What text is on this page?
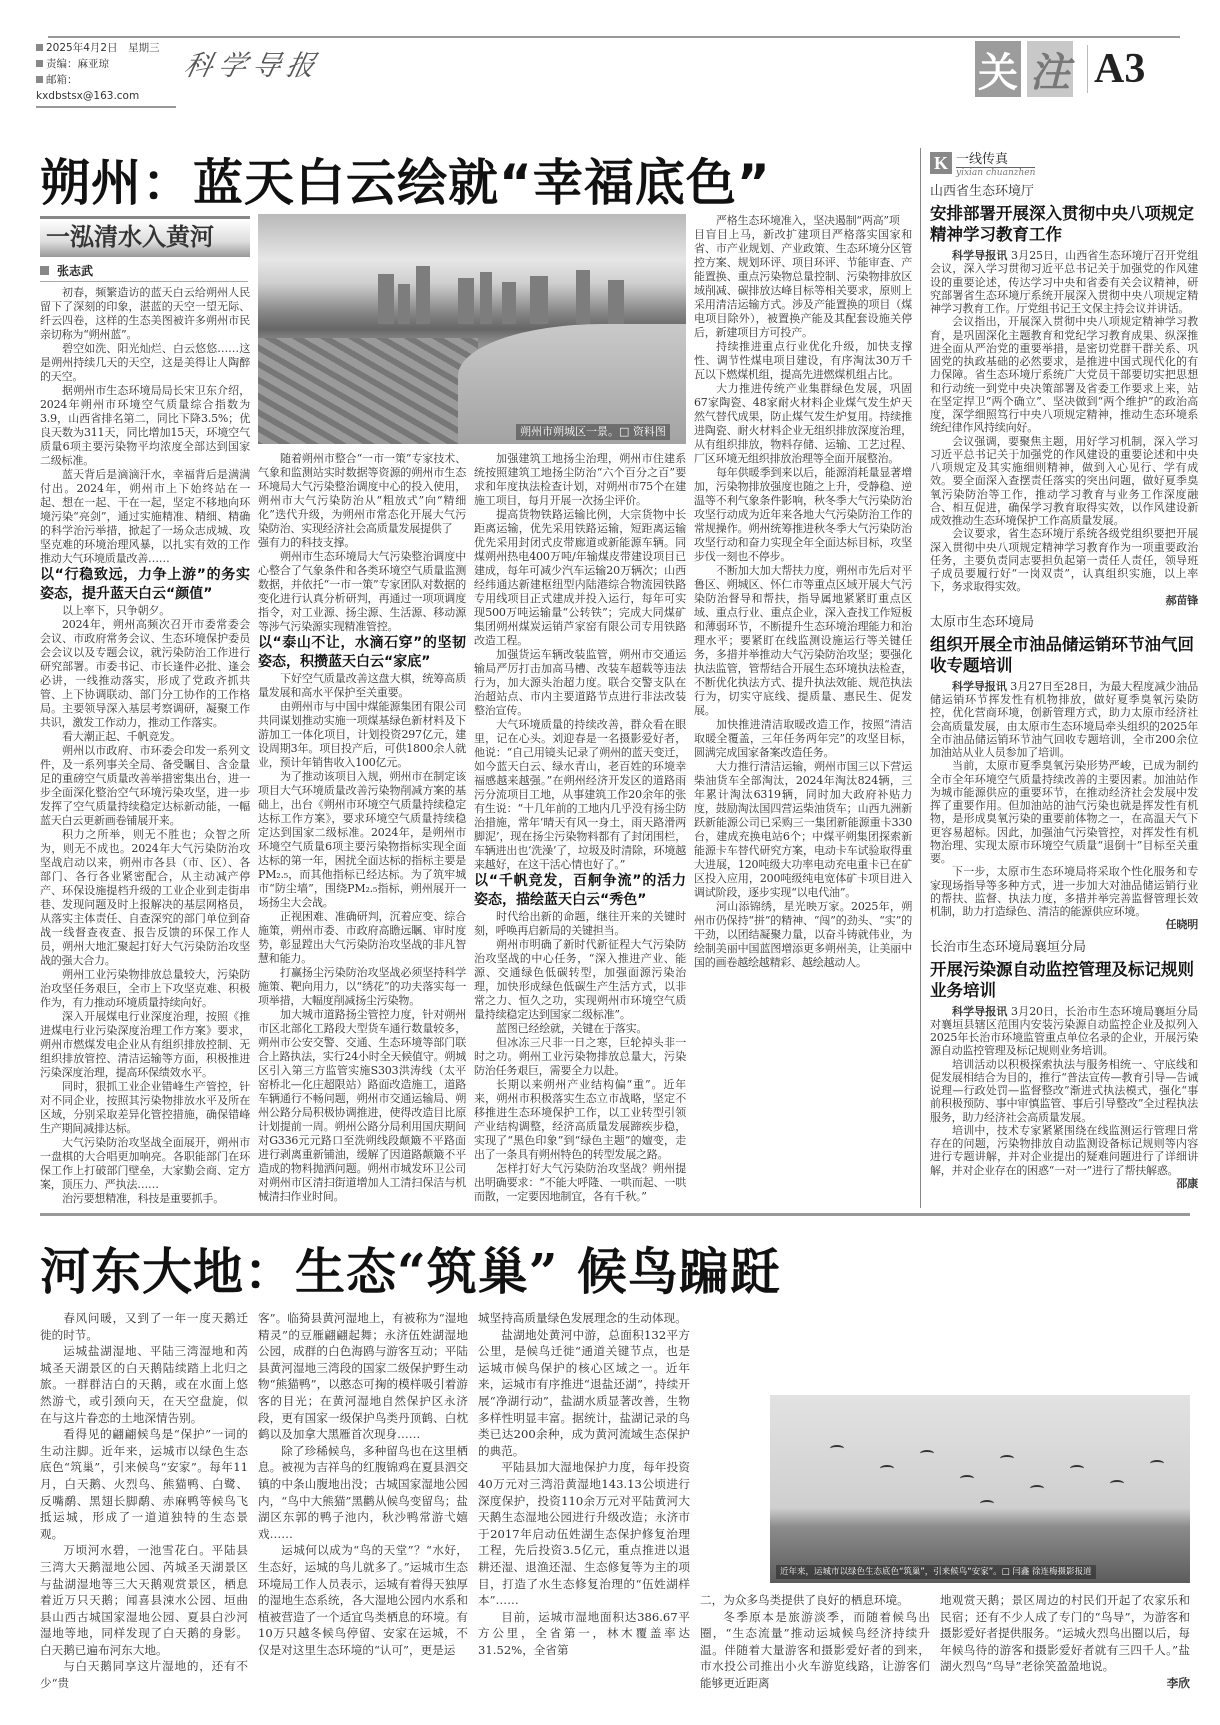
2025年4月2日　星期三
责编：麻亚琼
邮箱：kxdbstsx@163.com
科学导报	关 注 A3
朔州：蓝天白云绘就“幸福底色”
一泓清水入黄河
张志武
朔州市朔城区一景。□ 资料图

初春，频繁造访的蓝天白云给朔州人民留下了深刻的印象，湛蓝的天空一望无际、纤云四卷，这样的生态美图被许多朔州市民亲切称为“朔州蓝”。

碧空如洗、阳光灿烂、白云悠悠……这是朔州持续几天的天空，这是美得让人陶醉的天空。

据朔州市生态环境局局长宋卫东介绍，2024年朔州市环境空气质量综合指数为3.9，山西省排名第二，同比下降3.5%；优良天数为311天，同比增加15天，环境空气质量6项主要污染物平均浓度全部达到国家二级标准。

蓝天背后是滴滴汗水，幸福背后是满满付出。2024年，朔州市上下始终站在一起、想在一起、干在一起，坚定不移地向环境污染“亮剑”，通过实施精准、精细、精确的科学治污举措，掀起了一场众志成城、攻坚克难的环境治理风暴，以扎实有效的工作推动大气环境质量改善……

以“行稳致远，力争上游”的务实姿态，提升蓝天白云“颜值”

以上率下，只争朝夕。

2024年，朔州高频次召开市委常委会会议、市政府常务会议、生态环境保护委员会会议以及专题会议，就污染防治工作进行研究部署。市委书记、市长逢件必批、逢会必讲，一线推动落实，形成了党政齐抓共管、上下协调联动、部门分工协作的工作格局。主要领导深入基层考察调研，凝聚工作共识，激发工作动力，推动工作落实。

看大潮正起、千帆竞发。

朔州以市政府、市环委会印发一系列文件，及一系列事关全局、备受瞩目、含金量足的重磅空气质量改善举措密集出台，进一步全面深化整治空气环境污染攻坚，进一步发挥了空气质量持续稳定达标新动能，一幅蓝天白云更新画卷铺展开来。

积力之所举，则无不胜也；众智之所为，则无不成也。2024年大气污染防治攻坚战启动以来，朔州市各县（市、区）、各部门、各行各业紧密配合，从主动减产停产、环保设施提档升级的工业企业到走街串巷、发现问题及时上报解决的基层网格员，从落实主体责任、自查深究的部门单位到奋战一线督查夜查、报告反馈的环保工作人员，朔州大地汇聚起打好大气污染防治攻坚战的强大合力。

朔州工业污染物排放总量较大，污染防治攻坚任务艰巨，全市上下攻坚克难、积极作为，有力推动环境质量持续向好。

深入开展煤电行业深度治理，按照《推进煤电行业污染深度治理工作方案》要求，朔州市燃煤发电企业从有组织排放控制、无组织排放管控、清洁运输等方面，积极推进污染深度治理，提高环保绩效水平。

同时，狠抓工业企业错峰生产管控，针对不同企业，按照其污染物排放水平及所在区域，分别采取差异化管控措施，确保错峰生产期间减排达标。

大气污染防治攻坚战全面展开，朔州市一盘棋的大合唱更加响亮。各职能部门在环保工作上打破部门壁垒，大家勤会商、定方案，顶压力、严执法……

治污要想精准，科技是重要抓手。

随着朔州市整合“一市一策”专家技术、气象和监测站实时数据等资源的朔州市生态环境局大气污染整治调度中心的投入使用，朔州市大气污染防治从“粗放式”向“精细化”迭代升级，为朔州市常态化开展大气污染防治、实现经济社会高质量发展提供了

强有力的科技支撑。

朔州市生态环境局大气污染整治调度中心整合了气象条件和各类环境空气质量监测数据，并依托“一市一策”专家团队对数据的变化进行认真分析研判，再通过一项项调度指令，对工业源、扬尘源、生活源、移动源等涉气污染源实现精准管控。

以“泰山不让，水滴石穿”的坚韧姿态，积攒蓝天白云“家底”

下好空气质量改善这盘大棋，统筹高质量发展和高水平保护至关重要。

由朔州市与中国中煤能源集团有限公司共同谋划推动实施一项煤基绿色新材料及下游加工一体化项目，计划投资297亿元，建设周期3年。项目投产后，可供1800余人就业，预计年销售收入100亿元。

为了推动该项目入规，朔州市在制定该项目大气环境质量改善污染物削减方案的基础上，出台《朔州市环境空气质量持续稳定达标工作方案》，要求环境空气质量持续稳定达到国家二级标准。2024年，是朔州市环境空气质量6项主要污染物指标实现全面达标的第一年，困扰全面达标的指标主要是PM₂.₅，而其他指标已经达标。为了筑牢城市“防尘墙”，围绕PM₂.₅指标，朔州展开一场扬尘大会战。

正视困难、准确研判，沉着应变、综合施策，朔州市委、市政府高瞻远瞩、审时度势，彰显蹚出大气污染防治攻坚战的非凡智慧和能力。

打赢扬尘污染防治攻坚战必须坚持科学施策、靶向用力，以“绣花”的功夫落实每一项举措，大幅度削减扬尘污染物。

加大城市道路扬尘管控力度，针对朔州市区北部化工路段大型货车通行数量较多，朔州市公安交警、交通、生态环境等部门联合上路执法，实行24小时全天候值守。朔城区引入第三方监管实施S303洪涛线（太平窑桥北—化庄超限站）路面改造施工，道路车辆通行不畅问题，朔州市交通运输局、朔州公路分局积极协调推进，使得改造目比原计划提前一周。朔州公路分局利用国庆期间对G336元元路口至洗朔线段颠簸不平路面进行剥离重新铺油，缓解了因道路颠簸不平造成的物料抛洒问题。朔州市城发环卫公司对朔州市区清扫街道增加人工清扫保洁与机械清扫作业时间。

加强建筑工地扬尘治理，朔州市住建系统按照建筑工地扬尘防治“六个百分之百”要求和年度执法检查计划，对朔州市75个在建施工项目，每月开展一次扬尘评价。

提高货物铁路运输比例，大宗货物中长距离运输，优先采用铁路运输，短距离运输优先采用封闭式皮带廊道或新能源车辆。同煤朔州热电400万吨/年输煤皮带建设项目已建成，每年可减少汽车运输20万辆次；山西经纬通达新建枢纽型内陆港综合物流园铁路专用线项目正式建成并投入运行，每年可实现500万吨运输量“公转铁”；完成大同煤矿集团朔州煤炭运销芦家窑有限公司专用铁路改造工程。

加强货运车辆改装监管，朔州市交通运输局严厉打击加高马槽、改装车超载等违法行为，加大源头治超力度。联合交警支队在治超站点、市内主要道路节点进行非法改装整治宣传。

大气环境质量的持续改善，群众看在眼里，记在心头。刘迎春是一名摄影爱好者，他说：“自己用镜头记录了朔州的蓝天变迁，如今蓝天白云、绿水青山，老百姓的环境幸福感越来越强。”在朔州经济开发区的道路雨污分流项目工地，从事建筑工作20余年的张有生说：“十几年前的工地内几乎没有扬尘防治措施，常年‘晴天有风一身土，雨天路滑两脚泥’，现在扬尘污染物料都有了封闭围栏，车辆进出也‘洗澡’了，垃圾及时清除，环境越来越好，在这干活心情也好了。”

以“千帆竞发，百舸争流”的活力姿态，描绘蓝天白云“秀色”

时代给出新的命题，继往开来的关键时刻，呼唤再启新局的关键担当。

朔州市明确了新时代新征程大气污染防治攻坚战的中心任务，“深入推进产业、能源、交通绿色低碳转型，加强面源污染治理，加快形成绿色低碳生产生活方式，以非常之力、恒久之功，实现朔州市环境空气质量持续稳定达到国家二级标准”。

蓝图已经绘就，关键在于落实。

但冰冻三尺非一日之寒，巨轮掉头非一时之功。朔州工业污染物排放总量大，污染防治任务艰巨，需要全力以赴。

长期以来朔州产业结构偏“重”。近年来，朔州市积极落实生态立市战略，坚定不移推进生态环境保护工作，以工业转型引领产业结构调整，经济高质量发展蹄疾步稳，实现了“黑色印象”到“绿色主题”的嬗变，走出了一条具有朔州特色的转型发展之路。

怎样打好大气污染防治攻坚战？朔州提出明确要求：“不能大呼隆、一哄而起、一哄而散，一定要因地制宜，各有千秋。”

严格生态环境准入，坚决遏制“两高”项

目盲目上马，新改扩建项目严格落实国家和省、市产业规划、产业政策、生态环境分区管控方案、规划环评、项目环评、节能审查、产能置换、重点污染物总量控制、污染物排放区域削减、碳排放达峰目标等相关要求，原则上采用清洁运输方式。涉及产能置换的项目（煤电项目除外），被置换产能及其配套设施关停后，新建项目方可投产。

持续推进重点行业优化升级，加快支撑性、调节性煤电项目建设，有序淘汰30万千瓦以下燃煤机组，提高先进燃煤机组占比。

大力推进传统产业集群绿色发展，巩固67家陶瓷、48家耐火材料企业煤气发生炉天然气替代成果，防止煤气发生炉复用。持续推进陶瓷、耐火材料企业无组织排放深度治理，从有组织排放，物料存储、运输、工艺过程、厂区环境无组织排放治理等全面开展整治。

每年供暖季到来以后，能源消耗量显著增加，污染物排放强度也随之上升，受静稳、逆温等不利气象条件影响，秋冬季大气污染防治攻坚行动成为近年来各地大气污染防治工作的常规操作。朔州统筹推进秋冬季大气污染防治攻坚行动和奋力实现全年全面达标目标，攻坚步伐一刻也不停步。

不断加大加大帮扶力度，朔州市先后对平鲁区、朔城区、怀仁市等重点区域开展大气污染防治督导和帮扶，指导属地紧紧盯重点区域、重点行业、重点企业，深入查找工作短板和薄弱环节，不断提升生态环境治理能力和治理水平；要紧盯在线监测设施运行等关键任务，多措并举推动大气污染防治攻坚；要强化执法监管，管帮结合开展生态环境执法检查，不断优化执法方式、提升执法效能、规范执法行为，切实守底线、提质量、惠民生、促发展。

加快推进清洁取暖改造工作，按照“清洁取暖全覆盖，三年任务两年完”的攻坚目标，圆满完成国家备案改造任务。

大力推行清洁运输，朔州市国三以下营运柴油货车全部淘汰，2024年淘汰824辆，三年累计淘汰6319辆，同时加大政府补贴力度，鼓励淘汰国四营运柴油货车；山西九洲新跃新能源公司已采购三一集团新能源重卡330台，建成充换电站6个；中煤平朔集团探索新能源卡车替代研究方案，电动卡车试验取得重大进展，120吨级大功率电动充电重卡已在矿区投入应用，200吨级纯电宽体矿卡项目进入调试阶段，逐步实现“以电代油”。

河山添锦绣，星光映万家。2025年，朔州市仍保持“拼”的精神、“闯”的劲头、“实”的干劲，以团结凝聚力量，以奋斗铸就伟业，为绘制美丽中国蓝图增添更多朔州美，让美丽中国的画卷越绘越精彩、越绘越动人。

K 一线传真
yixian chuanzhen
山西省生态环境厅
安排部署开展深入贯彻中央八项规定精神学习教育工作

科学导报讯 3月25日，山西省生态环境厅召开党组会议，深入学习贯彻习近平总书记关于加强党的作风建设的重要论述，传达学习中央和省委有关会议精神，研究部署省生态环境厅系统开展深入贯彻中央八项规定精神学习教育工作。厅党组书记王文保主持会议并讲话。

会议指出，开展深入贯彻中央八项规定精神学习教育，是巩固深化主题教育和党纪学习教育成果、纵深推进全面从严治党的重要举措，是密切党群干群关系、巩固党的执政基础的必然要求，是推进中国式现代化的有力保障。省生态环境厅系统广大党员干部要切实把思想和行动统一到党中央决策部署及省委工作要求上来，站在坚定捍卫“两个确立”、坚决做到“两个维护”的政治高度，深学细照笃行中央八项规定精神，推动生态环境系统纪律作风持续向好。

会议强调，要聚焦主题，用好学习机制，深入学习习近平总书记关于加强党的作风建设的重要论述和中央八项规定及其实施细则精神，做到入心见行、学有成效。要全面深入查摆责任落实的突出问题，做好夏季臭氧污染防治等工作，推动学习教育与业务工作深度融合、相互促进，确保学习教育取得实效，以作风建设新成效推动生态环境保护工作高质量发展。

会议要求，省生态环境厅系统各级党组织要把开展深入贯彻中央八项规定精神学习教育作为一项重要政治任务，主要负责同志要担负起第一责任人责任，领导班子成员要履行好“一岗双责”，认真组织实施，以上率下，务求取得实效。

郝苗锋
太原市生态环境局
组织开展全市油品储运销环节油气回收专题培训

科学导报讯 3月27日至28日，为最大程度减少油品储运销环节挥发性有机物排放，做好夏季臭氧污染防控，优化营商环境，创新管理方式，助力太原市经济社会高质量发展，由太原市生态环境局牵头组织的2025年全市油品储运销环节油气回收专题培训，全市200余位加油站从业人员参加了培训。

当前，太原市夏季臭氧污染形势严峻，已成为制约全市全年环境空气质量持续改善的主要因素。加油站作为城市能源供应的重要环节，在推动经济社会发展中发挥了重要作用。但加油站的油气污染也就是挥发性有机物，是形成臭氧污染的重要前体物之一，在高温天气下更容易超标。因此，加强油气污染管控，对挥发性有机物治理、实现太原市环境空气质量“退倒十”目标至关重要。

下一步，太原市生态环境局将采取个性化服务和专家现场指导等多种方式，进一步加大对油品储运销行业的帮扶、监督、执法力度，多措并举完善监督管理长效机制，助力打造绿色、清洁的能源供应环境。

任晓明
长治市生态环境局襄垣分局
开展污染源自动监控管理及标记规则业务培训

科学导报讯 3月20日，长治市生态环境局襄垣分局对襄垣县辖区范围内安装污染源自动监控企业及拟列入2025年长治市环境监管重点单位名录的企业，开展污染源自动监控管理及标记规则业务培训。

培训活动以积极探索执法与服务相统一、守底线和促发展相结合为目的，推行“普法宣传—教育引导—告诫说理—行政处罚—监督整改”渐进式执法模式，强化“事前积极预防、事中审慎监管、事后引导整改”全过程执法服务，助力经济社会高质量发展。

培训中，技术专家紧紧围绕在线监测运行管理日常存在的问题，污染物排放自动监测设备标记规则等内容进行专题讲解，并对企业提出的疑难问题进行了详细讲解，并对企业存在的困惑“一对一”进行了帮扶解惑。

邵康
河东大地：生态“筑巢” 候鸟蹁跹

春风问暖，又到了一年一度天鹅迁徙的时节。

运城盐湖湿地、平陆三湾湿地和芮城圣天湖景区的白天鹅陆续踏上北归之旅。一群群洁白的天鹅，或在水面上悠然游弋，或引颈向天，在天空盘旋，似在与这片眷恋的土地深情告别。

看得见的翩翩候鸟是“保护”一词的生动注脚。近年来，运城市以绿色生态底色“筑巢”，引来候鸟“安家”。每年11月，白天鹅、火烈鸟、熊猫鸭、白鹭、反嘴鹬、黑翅长脚鹬、赤麻鸭等候鸟飞抵运城，形成了一道道独特的生态景观。

万顷河水碧，一池雪花白。平陆县三湾大天鹅湿地公园、芮城圣天湖景区与盐湖湿地等三大天鹅观赏景区，栖息着近万只天鹅；闻喜县涑水公园、垣曲县山西古城国家湿地公园、夏县白沙河湿地等地，同样发现了白天鹅的身影。白天鹅已遍布河东大地。

与白天鹅同享这片湿地的，还有不少“贵

客”。临猗县黄河湿地上，有被称为“湿地精灵”的豆雁翩翩起舞；永济伍姓湖湿地公园，成群的白色海鸥与游客互动；平陆县黄河湿地三湾段的国家二级保护野生动物“熊猫鸭”，以憨态可掬的模样吸引着游客的目光；在黄河湿地自然保护区永济段，更有国家一级保护鸟类丹顶鹤、白枕鹤以及加拿大黑雁首次现身……

除了珍稀候鸟，多种留鸟也在这里栖息。被视为吉祥鸟的红腹锦鸡在夏县泗交镇的中条山腹地出没；古城国家湿地公园内，“鸟中大熊猫”黑鹳从候鸟变留鸟；盐湖区东郭的鸭子池内，秋沙鸭常游弋嬉戏……

运城何以成为“鸟的天堂”？“水好，生态好，运城的鸟儿就多了。”运城市生态环境局工作人员表示，运城有着得天独厚的湿地生态系统，各大湿地公园内水系和植被营造了一个适宜鸟类栖息的环境。有10万只越冬候鸟停留、安家在运城，不仅是对这里生态环境的“认可”，更是运

城坚持高质量绿色发展理念的生动体现。

盐湖地处黄河中游，总面积132平方公里，是候鸟迁徙“通道关键节点，也是运城市候鸟保护的核心区域之一。近年来，运城市有序推进“退盐还湖”，持续开展“净湖行动”，盐湖水质显著改善，生物多样性明显丰富。据统计，盐湖记录的鸟类已达200余种，成为黄河流域生态保护的典范。

平陆县加大湿地保护力度，每年投资40万元对三湾沿黄湿地143.13公顷进行深度保护，投资110余万元对平陆黄河大天鹅生态湿地公园进行升级改造；永济市于2017年启动伍姓湖生态保护修复治理工程，先后投资3.5亿元，重点推进以退耕还湿、退渔还湿、生态修复等为主的项目，打造了水生态修复治理的“伍姓湖样本”……

目前，运城市湿地面积达386.67平方公里，全省第一，林木覆盖率达31.52%，全省第

近年来，运城市以绿色生态底色“筑巢”，引来候鸟“安家”。□ 闫鑫 徐连梅摄影报道

二，为众多鸟类提供了良好的栖息环境。

冬季原本是旅游淡季，而随着候鸟出圈，“生态流量”推动运城候鸟经济持续升温。伴随着大量游客和摄影爱好者的到来，市水投公司推出小火车游览线路，让游客们能够更近距离

地观赏天鹅；景区周边的村民们开起了农家乐和民宿；还有不少人成了专门的“鸟导”，为游客和摄影爱好者提供服务。“运城火烈鸟出圈以后，每年候鸟待的游客和摄影爱好者就有三四千人。”盐湖火烈鸟“鸟导”老徐笑盈盈地说。

李欣
